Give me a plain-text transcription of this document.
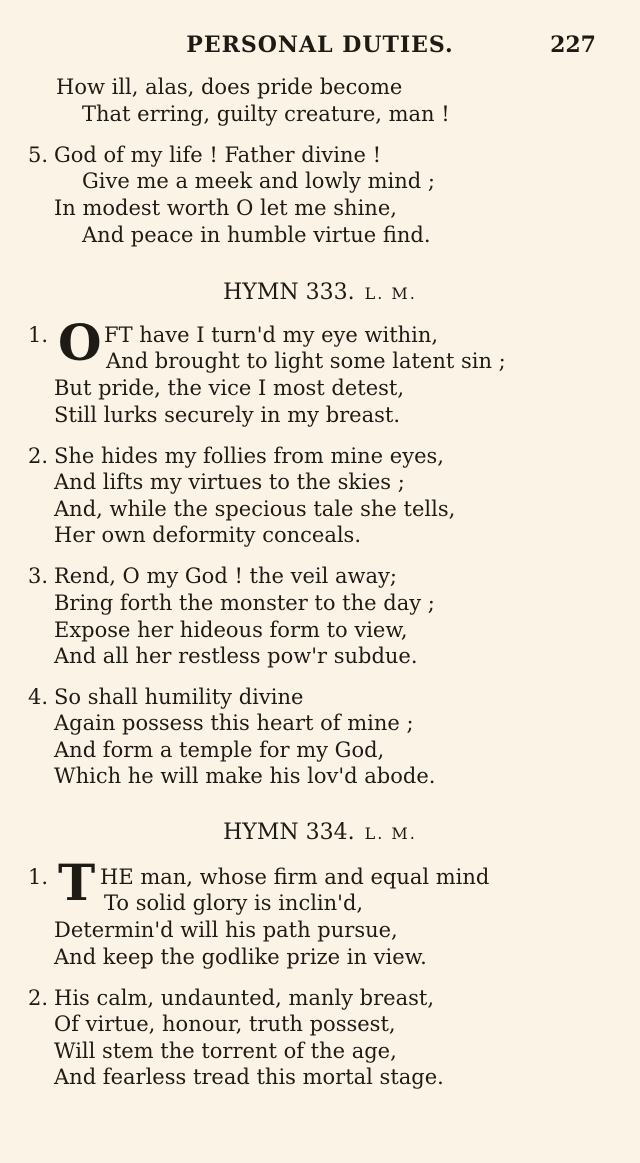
PERSONAL DUTIES.	227
How ill, alas, does pride become
That erring, guilty creature, man !
5. God of my life ! Father divine !
Give me a meek and lowly mind ;
In modest worth O let me shine,
And peace in humble virtue find.
HYMN 333. L. M.
1. O FT have I turn'd my eye within,
And brought to light some latent sin ;
But pride, the vice I most detest,
Still lurks securely in my breast.
2. She hides my follies from mine eyes,
And lifts my virtues to the skies ;
And, while the specious tale she tells,
Her own deformity conceals.
3. Rend, O my God ! the veil away;
Bring forth the monster to the day ;
Expose her hideous form to view,
And all her restless pow'r subdue.
4. So shall humility divine
Again possess this heart of mine ;
And form a temple for my God,
Which he will make his lov'd abode.
HYMN 334. L. M.
1. T HE man, whose firm and equal mind
To solid glory is inclin'd,
Determin'd will his path pursue,
And keep the godlike prize in view.
2. His calm, undaunted, manly breast,
Of virtue, honour, truth possest,
Will stem the torrent of the age,
And fearless tread this mortal stage.
